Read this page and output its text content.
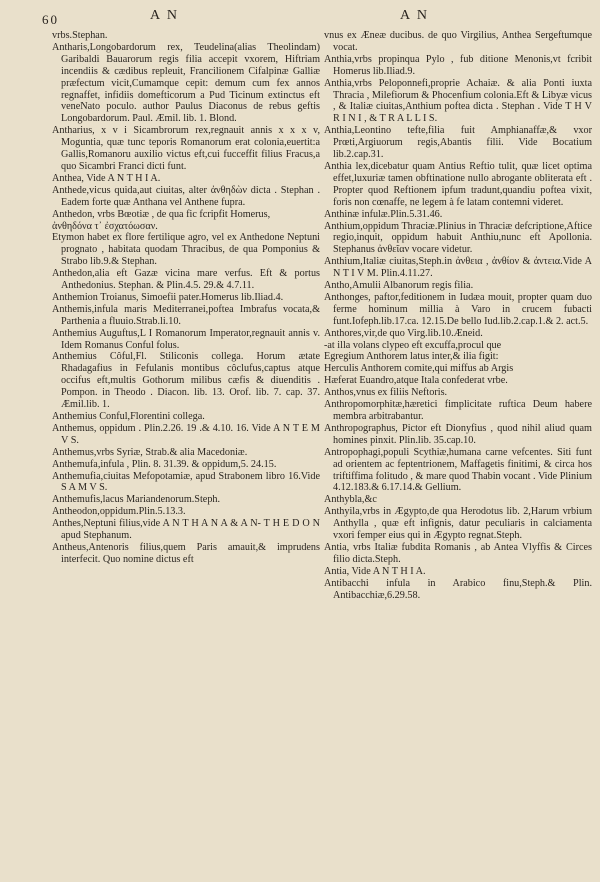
60	A N	A N

vrbs.Stephan.

Antharis,Longobardorum rex, Teudelina(alias Theolindam) Garibaldi Bauarorum regis filia accepit vxorem, Hiftriam incendiis & cædibus repleuit, Francilionem Cifalpinæ Galliæ præfectum vicit,Cumamque cepit: demum cum fex annos regnaffet, infidiis domefticorum a Pud Ticinum extinctus eft veneNato poculo. author Paulus Diaconus de rebus geftis Longobardorum. Paul. Æmil. lib. 1. Blond.

Antharius, x v i Sicambrorum rex,regnauit annis x x x v, Moguntia, quæ tunc teporis Romanorum erat colonia,euertit:a Gallis,Romanoru auxilio victus eft,cui fucceffit filius Fracus,a quo Sicambri Franci dicti funt.

Anthea, Vide A N T H I A.

Anthede,vicus quida,aut ciuitas, alter ἀνθηδὼν dicta . Stephan . Eadem forte quæ Anthana vel Anthene fupra.

Anthedon, vrbs Bœotiæ , de qua fic fcripfit Homerus,

ἀνθηδόνα τ᾽ ἐσχατόωσαν.

Etymon habet ex flore fertilique agro, vel ex Anthedone Neptuni prognato , habitata quodam Thracibus, de qua Pomponius & Strabo lib.9.& Stephan.

Anthedon,alia eft Gazæ vicina mare verfus. Eft & portus Anthedonius. Stephan. & Plin.4.5. 29.& 4.7.11.

Anthemion Troianus, Simoefii pater.Homerus lib.Iliad.4.

Anthemis,infula maris Mediterranei,poftea Imbrafus vocata,& Parthenia a fluuio.Strab.li.10.

Anthemius Auguftus,L I Romanorum Imperator,regnauit annis v. Idem Romanus Conful folus.

Anthemius Côful,Fl. Stiliconis collega. Horum ætate Rhadagafius in Fefulanis montibus côclufus,captus atque occifus eft,multis Gothorum milibus cæfis & diuenditis . Pompon. in Theodo . Diacon. lib. 13. Orof. lib. 7. cap. 37. Æmil.lib. 1.

Anthemius Conful,Florentini collega.

Anthemus, oppidum . Plin.2.26. 19 .& 4.10. 16. Vide A N T E M V S.

Anthemus,vrbs Syriæ, Strab.& alia Macedoniæ.

Anthemufa,infula , Plin. 8. 31.39. & oppidum,5. 24.15.

Anthemufia,ciuitas Mefopotamiæ, apud Strabonem libro 16.Vide S A M V S.

Anthemufis,lacus Mariandenorum.Steph.

Antheodon,oppidum.Plin.5.13.3.

Anthes,Neptuni filius,vide A N T H A N A & A N- T H E D O N apud Stephanum.

Antheus,Antenoris filius,quem Paris amauit,& imprudens interfecit. Quo nomine dictus eft

vnus ex Æneæ ducibus. de quo Virgilius, Anthea Sergeftumque vocat.

Anthia,vrbs propinqua Pylo , fub ditione Menonis,vt fcribit Homerus lib.Iliad.9.

Anthia,vrbs Peloponnefi,proprie Achaiæ. & alia Ponti iuxta Thracia , Milefiorum & Phocenfium colonia.Eft & Libyæ vicus , & Italiæ ciuitas,Anthium poftea dicta . Stephan . Vide T H V R I N I , & T R A L L I S.

Anthia,Leontino tefte,filia fuit Amphianaffæ,& vxor Prœti,Argiuorum regis,Abantis filii. Vide Bocatium lib.2.cap.31.

Anthia lex,dicebatur quam Antius Reftio tulit, quæ licet optima effet,luxuriæ tamen obftinatione nullo abrogante obliterata eft . Propter quod Reftionem ipfum tradunt,quandiu poftea vixit, foris non cœnaffe, ne legem à fe latam contemni videret.

Anthinæ infulæ.Plin.5.31.46.

Anthium,oppidum Thraciæ.Plinius in Thraciæ defcriptione,Aftice regio,inquit, oppidum habuit Anthiu,nunc eft Apollonia. Stephanus ἀνθεῖαν vocare videtur.

Anthium,Italiæ ciuitas,Steph.in ἀνθεια , ἀνθίον & ἀντεια.Vide A N T I V M. Plin.4.11.27.

Antho,Amulii Albanorum regis filia.

Anthonges, paftor,feditionem in Iudæa mouit, propter quam duo ferme hominum millia à Varo in crucem fubacti funt.Iofeph.lib.17.ca. 12.15.De bello Iud.lib.2.cap.1.& 2. act.5.

Anthores,vir,de quo Virg.lib.10.Æneid.

-at illa volans clypeo eft excuffa,procul que

Egregium Anthorem latus inter,& ilia figit:

Herculis Anthorem comite,qui miffus ab Argis

Hæferat Euandro,atque Itala confederat vrbe.

Anthos,vnus ex filiis Neftoris.

Anthropomorphitæ,hæretici fimplicitate ruftica Deum habere membra arbitrabantur.

Anthropographus, Pictor eft Dionyfius , quod nihil aliud quam homines pinxit. Plin.lib. 35.cap.10.

Antropophagi,populi Scythiæ,humana carne vefcentes. Siti funt ad orientem ac feptentrionem, Maffagetis finitimi, & circa hos triftiffima folitudo , & mare quod Thabin vocant . Vide Plinium 4.12.183.& 6.17.14.& Gellium.

Anthybla,&c

Anthyila,vrbs in Ægypto,de qua Herodotus lib. 2,Harum vrbium Anthylla , quæ eft infignis, datur peculiaris in calciamenta vxori femper eius qui in Ægypto regnat.Steph.

Antia, vrbs Italiæ fubdita Romanis , ab Antea Vlyffis & Circes filio dicta.Steph.

Antia, Vide A N T H I A.

Antibacchi infula in Arabico finu,Steph.& Plin. Antibacchiæ,6.29.58.
